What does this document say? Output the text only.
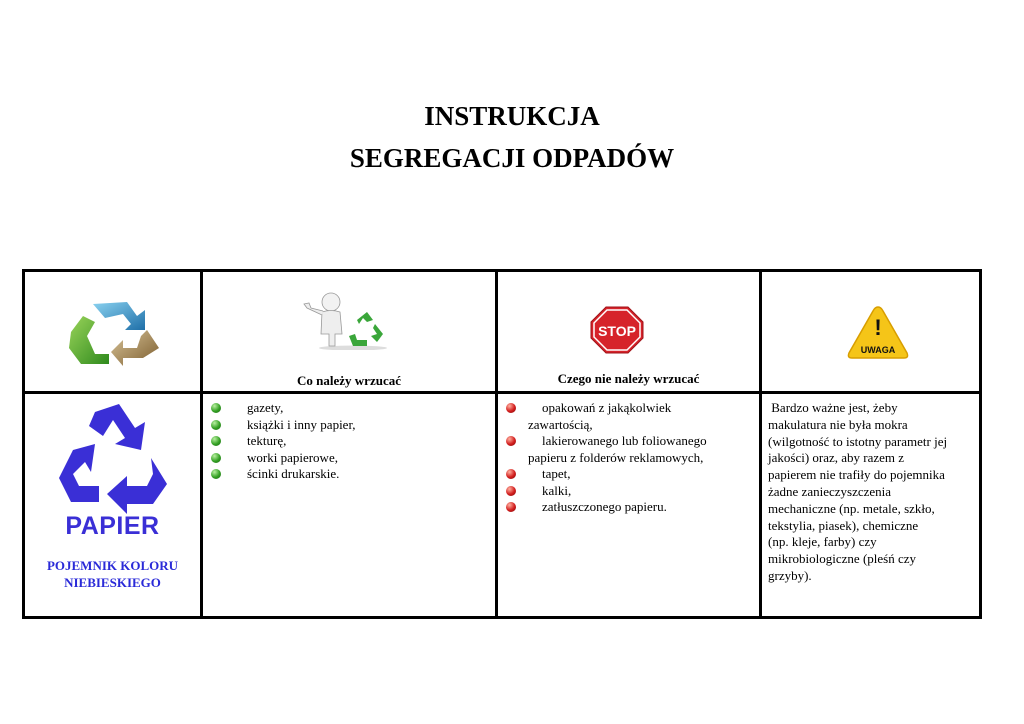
INSTRUKCJA
SEGREGACJI ODPADÓW
Co należy wrzucać
STOP
Czego nie należy wrzucać
!
UWAGA
PAPIER
POJEMNIK KOLORU
NIEBIESKIEGO
gazety,
książki i inny papier,
tekturę,
worki papierowe,
ścinki drukarskie.
opakowań z jakąkolwiek
zawartością,
lakierowanego lub foliowanego
papieru z folderów reklamowych,
tapet,
kalki,
zatłuszczonego papieru.
Bardzo ważne jest, żeby
makulatura nie była mokra
(wilgotność to istotny parametr jej
jakości) oraz, aby razem z
papierem nie trafiły do pojemnika
żadne zanieczyszczenia
mechaniczne (np. metale, szkło,
tekstylia, piasek), chemiczne
(np. kleje, farby) czy
mikrobiologiczne (pleśń czy
grzyby).
